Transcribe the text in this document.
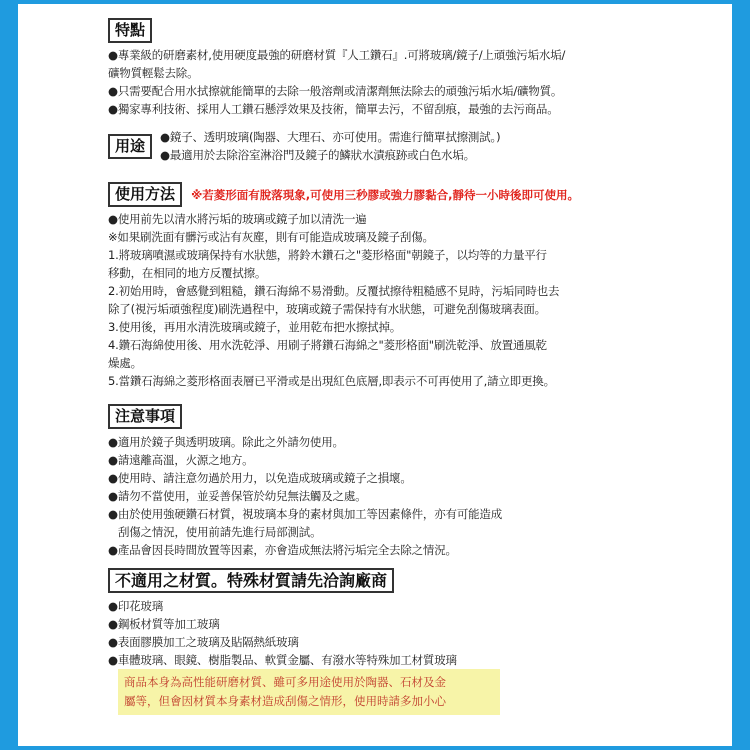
特點
●專業級的研磨素材,使用硬度最強的研磨材質『人工鑽石』.可將玻璃/鏡子/上頑強污垢水垢/
礦物質輕鬆去除。
●只需要配合用水拭擦就能簡單的去除一般溶劑或清潔劑無法除去的頑強污垢水垢/礦物質。
●獨家專利技術、採用人工鑽石懸浮效果及技術，簡單去污，不留刮痕，最強的去污商品。
用途	●鏡子、透明玻璃(陶器、大理石、亦可使用。需進行簡單拭擦測試。)
●最適用於去除浴室淋浴門及鏡子的鱗狀水漬痕跡或白色水垢。
使用方法 ※若菱形面有脫落現象,可使用三秒膠或強力膠黏合,靜待一小時後即可使用。
●使用前先以清水將污垢的玻璃或鏡子加以清洗一遍
※如果刷洗面有髒污或沾有灰塵，則有可能造成玻璃及鏡子刮傷。
1.將玻璃噴濕或玻璃保持有水狀態，將鈴木鑽石之"菱形格面"朝鏡子，以均等的力量平行
移動，在相同的地方反覆拭擦。
2.初始用時，會感覺到粗糙，鑽石海綿不易滑動。反覆拭擦待粗糙感不見時，污垢同時也去
除了(視污垢頑強程度)刷洗過程中，玻璃或鏡子需保持有水狀態，可避免刮傷玻璃表面。
3.使用後，再用水清洗玻璃或鏡子，並用乾布把水擦拭掉。
4.鑽石海綿使用後、用水洗乾淨、用刷子將鑽石海綿之"菱形格面"刷洗乾淨、放置通風乾
燥處。
5.當鑽石海綿之菱形格面表層已平滑或是出現紅色底層,即表示不可再使用了,請立即更換。
注意事項
●適用於鏡子與透明玻璃。除此之外請勿使用。
●請遠離高溫，火源之地方。
●使用時、請注意勿過於用力，以免造成玻璃或鏡子之損壞。
●請勿不當使用，並妥善保管於幼兒無法觸及之處。
●由於使用強硬鑽石材質，視玻璃本身的素材與加工等因素條件，亦有可能造成
刮傷之情況，使用前請先進行局部測試。
●產品會因長時間放置等因素，亦會造成無法將污垢完全去除之情況。
不適用之材質。特殊材質請先洽詢廠商
●印花玻璃
●鋼板材質等加工玻璃
●表面膠膜加工之玻璃及貼隔熱紙玻璃
●車體玻璃、眼鏡、樹脂製品、軟質金屬、有潑水等特殊加工材質玻璃
商品本身為高性能研磨材質、雖可多用途使用於陶器、石材及金
屬等，但會因材質本身素材造成刮傷之情形，使用時請多加小心
